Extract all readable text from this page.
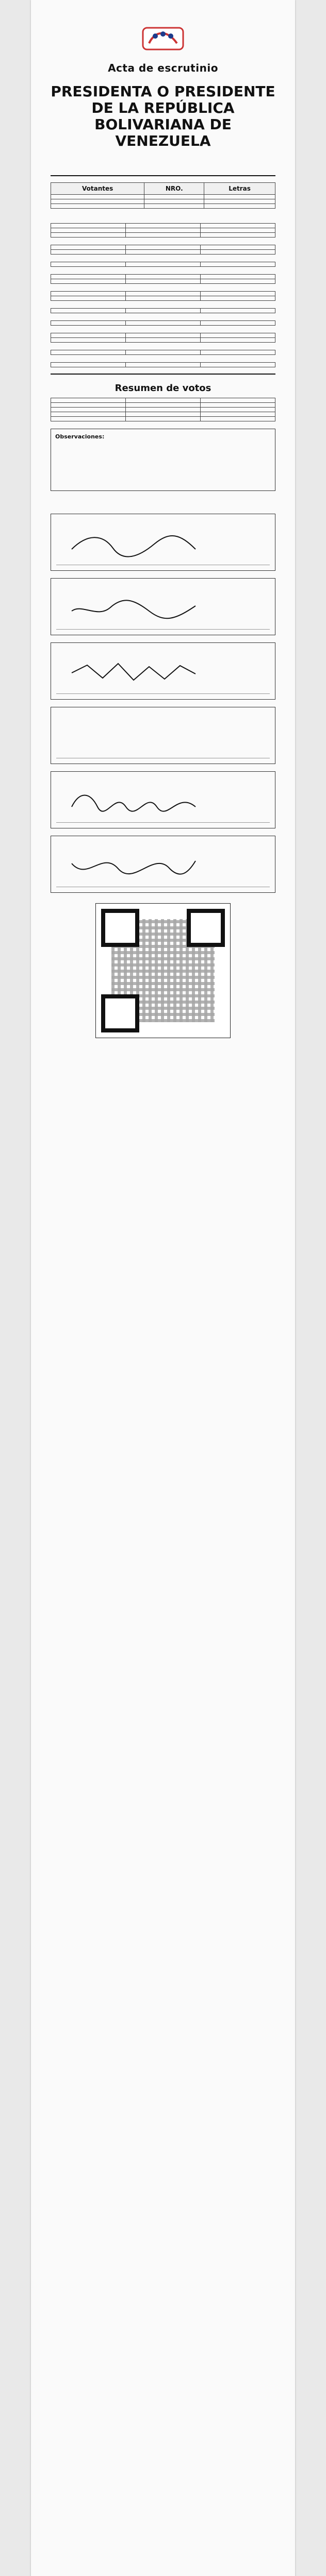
Acta de escrutinio
PRESIDENTA O PRESIDENTE DE LA REPÚBLICA BOLIVARIANA DE VENEZUELA
Votantes	NRO.	Letras

Resumen de votos

Observaciones:
